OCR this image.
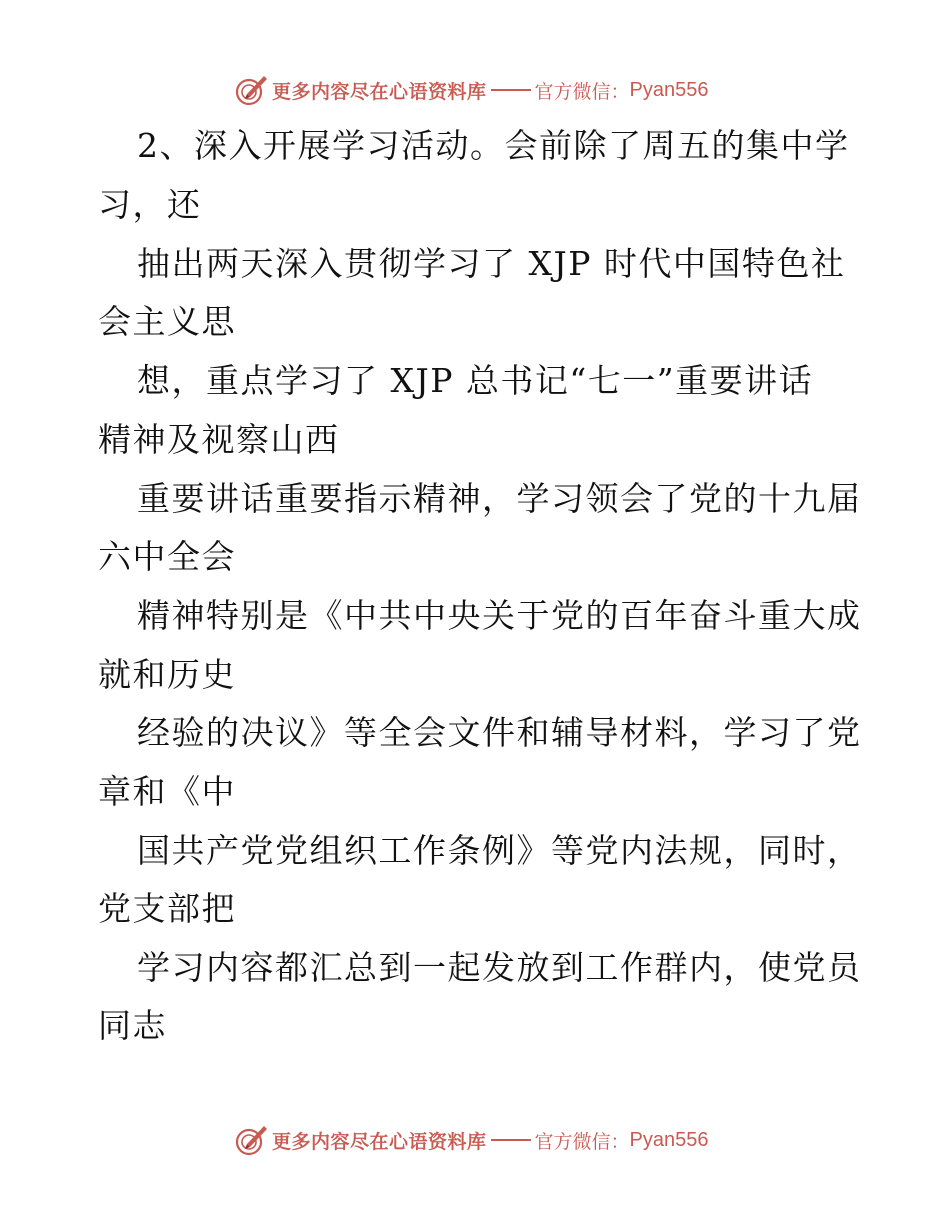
更多内容尽在心语资料库	官方微信： Pyan556
2、深入开展学习活动。会前除了周五的集中学
习，还
抽出两天深入贯彻学习了 XJP 时代中国特色社
会主义思
想，重点学习了 XJP 总书记“七一”重要讲话
精神及视察山西
重要讲话重要指示精神，学习领会了党的十九届
六中全会
精神特别是《中共中央关于党的百年奋斗重大成
就和历史
经验的决议》等全会文件和辅导材料，学习了党
章和《中
国共产党党组织工作条例》等党内法规，同时，
党支部把
学习内容都汇总到一起发放到工作群内，使党员
同志
更多内容尽在心语资料库	官方微信： Pyan556
